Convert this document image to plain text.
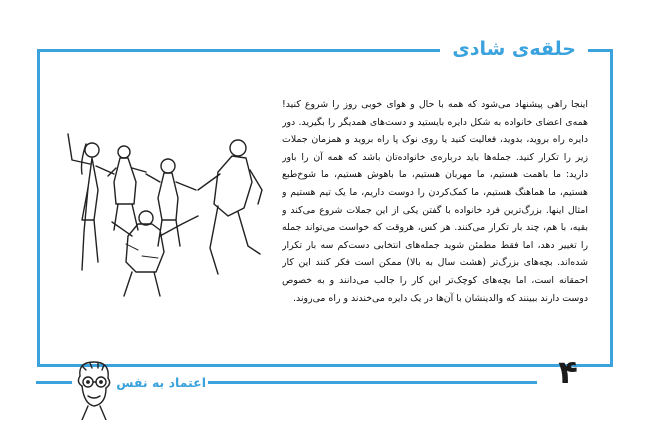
حلقه‌ی شادی
اینجا راهی پیشنهاد می‌شود که همه با حال و هوای خوبی روز را شروع کنید! همه‌ی اعضای خانواده به شکل دایره بایستید و دست‌های همدیگر را بگیرید. دور دایره راه بروید، بدوید، فعالیت کنید یا روی نوک پا راه بروید و همزمان جملات زیر را تکرار کنید. جمله‌ها باید درباره‌ی خانواده‌تان باشد که همه آن را باور دارید: ما باهمت هستیم، ما مهربان هستیم، ما باهوش هستیم، ما شوخ‌طبع هستیم، ما هماهنگ هستیم، ما کمک‌کردن را دوست داریم، ما یک تیم هستیم و امثال اینها. بزرگ‌ترین فرد خانواده با گفتن یکی از این جملات شروع می‌کند و بقیه، با هم، چند بار تکرار می‌کنند. هر کس، هروقت که خواست می‌تواند جمله را تغییر دهد، اما فقط مطمئن شوید جمله‌های انتخابی دست‌کم سه بار تکرار شده‌اند. بچه‌های بزرگ‌تر (هشت سال به بالا) ممکن است فکر کنند این کار احمقانه است، اما بچه‌های کوچک‌تر این کار را جالب می‌دانند و به خصوص دوست دارند ببینند که والدینشان با آن‌ها در یک دایره می‌خندند و راه می‌روند.
۴
اعتماد به نفس
